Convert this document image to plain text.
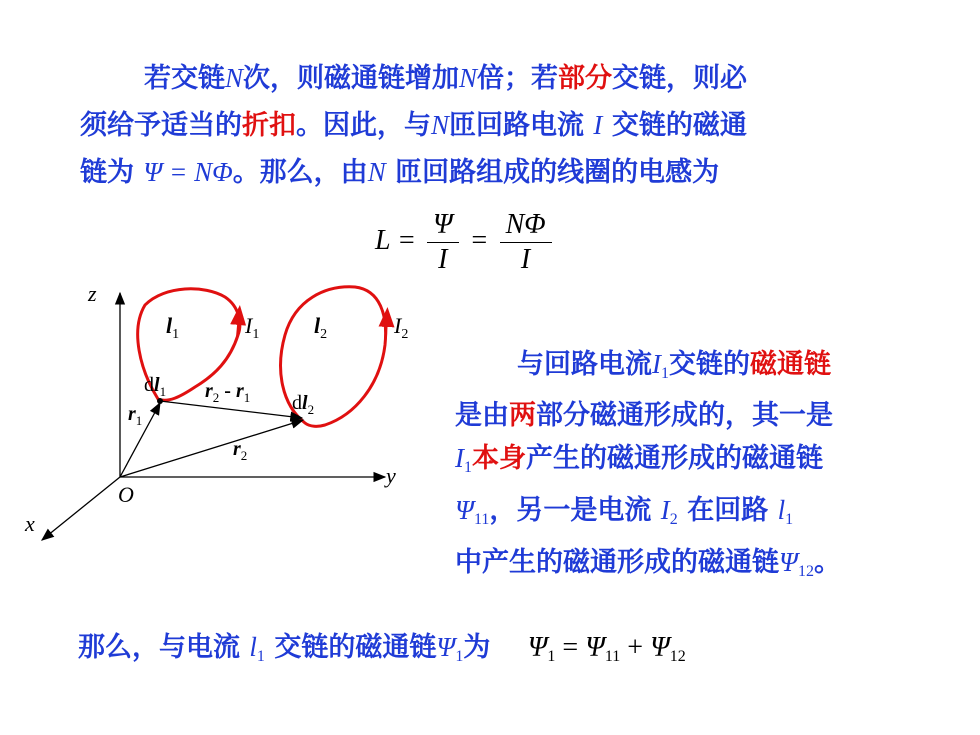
若交链N次，则磁通链增加N倍；若部分交链，则必
须给予适当的折扣。因此，与N匝回路电流 I 交链的磁通
链为 Ψ = NΦ。那么，由N 匝回路组成的线圈的电感为
$L = \frac{\Psi}{I} = \frac{N\Phi}{I}$
z
y
x
O
$l_1$	$I_1$ $l_2$	$I_2$
$dl_1$
$dl_2$
$r_1$
$r_2$
$r_2 - r_1$
与回路电流$I_1$交链的磁通链
是由两部分磁通形成的，其一是
$I_1$本身产生的磁通形成的磁通链
$\Psi_{11}$，另一是电流 $I_2$ 在回路 $l_1$
中产生的磁通形成的磁通链$\Psi_{12}$。
那么，与电流 $l_1$ 交链的磁通链$\Psi_1$为 $\Psi_1 = \Psi_{11} + \Psi_{12}$
